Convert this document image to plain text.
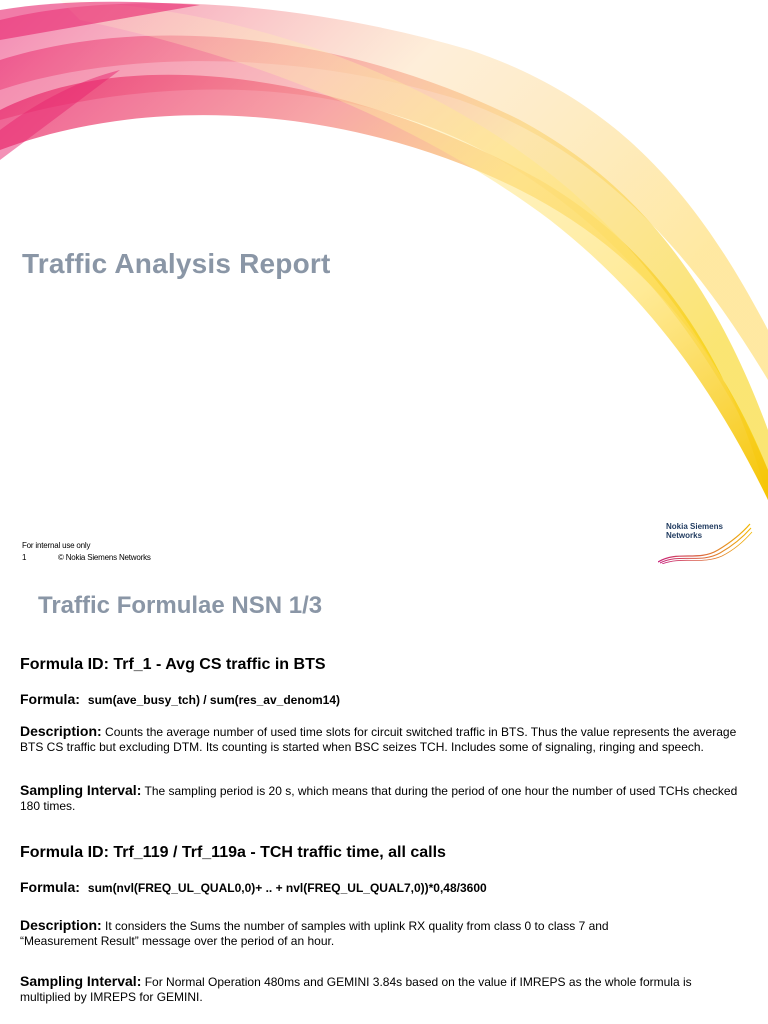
Traffic Analysis Report
For internal use only
1	© Nokia Siemens Networks
Nokia Siemens
Networks
Traffic Formulae NSN 1/3
Formula ID: Trf_1 - Avg CS traffic in BTS
Formula: sum(ave_busy_tch) / sum(res_av_denom14)
Description: Counts the average number of used time slots for circuit switched traffic in BTS. Thus the value represents the average BTS CS traffic but excluding DTM. Its counting is started when BSC seizes TCH. Includes some of signaling, ringing and speech.
Sampling Interval: The sampling period is 20 s, which means that during the period of one hour the number of used TCHs checked 180 times.
Formula ID: Trf_119 / Trf_119a - TCH traffic time, all calls
Formula: sum(nvl(FREQ_UL_QUAL0,0)+ .. + nvl(FREQ_UL_QUAL7,0))*0,48/3600
Description: It considers the Sums the number of samples with uplink RX quality from class 0 to class 7 and “Measurement Result” message over the period of an hour.
Sampling Interval: For Normal Operation 480ms and GEMINI 3.84s based on the value if IMREPS as the whole formula is multiplied by IMREPS for GEMINI.
